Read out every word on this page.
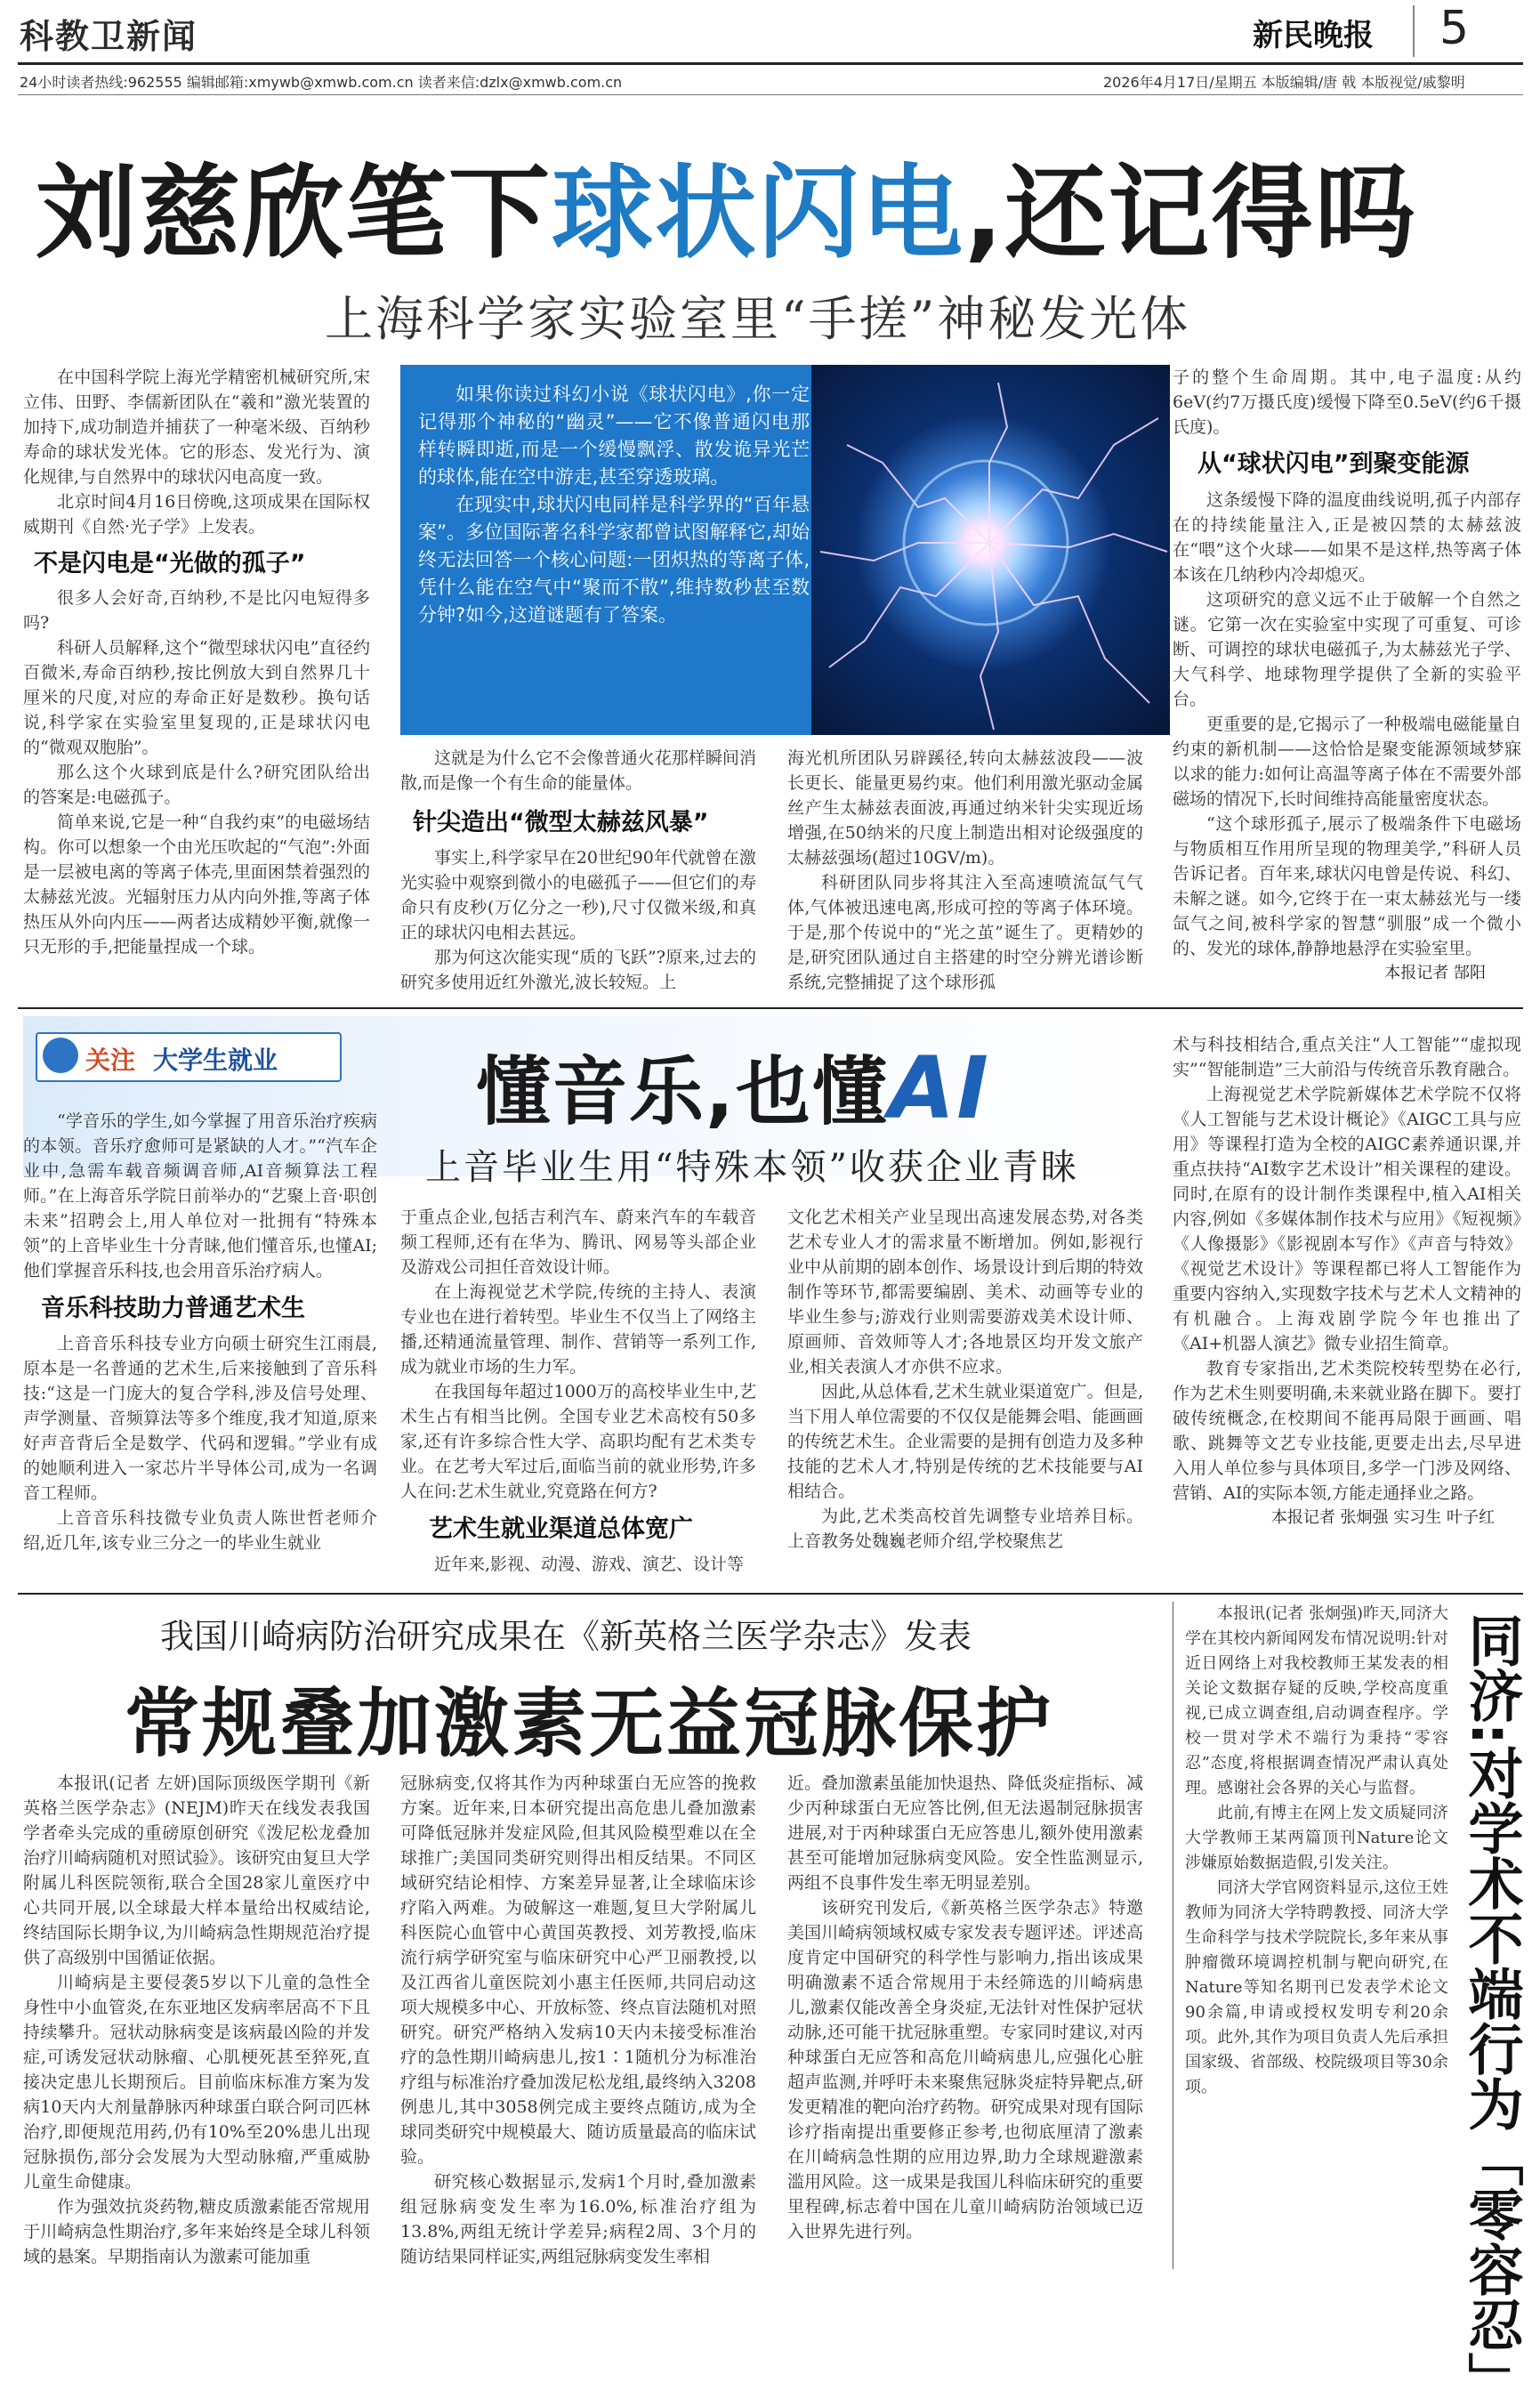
科教卫新闻	新民晚报 5
24小时读者热线:962555 编辑邮箱:xmywb@xmwb.com.cn 读者来信:dzlx@xmwb.com.cn	2026年4月17日/星期五 本版编辑/唐 戟 本版视觉/戚黎明
刘慈欣笔下球状闪电,还记得吗
上海科学家实验室里“手搓”神秘发光体

在中国科学院上海光学精密机械研究所,宋立伟、田野、李儒新团队在“羲和”激光装置的加持下,成功制造并捕获了一种毫米级、百纳秒寿命的球状发光体。它的形态、发光行为、演化规律,与自然界中的球状闪电高度一致。

北京时间4月16日傍晚,这项成果在国际权威期刊《自然·光子学》上发表。

不是闪电是“光做的孤子”

很多人会好奇,百纳秒,不是比闪电短得多吗?

科研人员解释,这个“微型球状闪电”直径约百微米,寿命百纳秒,按比例放大到自然界几十厘米的尺度,对应的寿命正好是数秒。换句话说,科学家在实验室里复现的,正是球状闪电的“微观双胞胎”。

那么这个火球到底是什么?研究团队给出的答案是:电磁孤子。

简单来说,它是一种“自我约束”的电磁场结构。你可以想象一个由光压吹起的“气泡”:外面是一层被电离的等离子体壳,里面困禁着强烈的太赫兹光波。光辐射压力从内向外推,等离子体热压从外向内压——两者达成精妙平衡,就像一只无形的手,把能量捏成一个球。

如果你读过科幻小说《球状闪电》,你一定记得那个神秘的“幽灵”——它不像普通闪电那样转瞬即逝,而是一个缓慢飘浮、散发诡异光芒的球体,能在空中游走,甚至穿透玻璃。

在现实中,球状闪电同样是科学界的“百年悬案”。多位国际著名科学家都曾试图解释它,却始终无法回答一个核心问题:一团炽热的等离子体,凭什么能在空气中“聚而不散”,维持数秒甚至数分钟?如今,这道谜题有了答案。

这就是为什么它不会像普通火花那样瞬间消散,而是像一个有生命的能量体。

针尖造出“微型太赫兹风暴”

事实上,科学家早在20世纪90年代就曾在激光实验中观察到微小的电磁孤子——但它们的寿命只有皮秒(万亿分之一秒),尺寸仅微米级,和真正的球状闪电相去甚远。

那为何这次能实现“质的飞跃”?原来,过去的研究多使用近红外激光,波长较短。上

海光机所团队另辟蹊径,转向太赫兹波段——波长更长、能量更易约束。他们利用激光驱动金属丝产生太赫兹表面波,再通过纳米针尖实现近场增强,在50纳米的尺度上制造出相对论级强度的太赫兹强场(超过10GV/m)。

科研团队同步将其注入至高速喷流氙气气体,气体被迅速电离,形成可控的等离子体环境。于是,那个传说中的“光之茧”诞生了。更精妙的是,研究团队通过自主搭建的时空分辨光谱诊断系统,完整捕捉了这个球形孤

子的整个生命周期。其中,电子温度:从约6eV(约7万摄氏度)缓慢下降至0.5eV(约6千摄氏度)。

从“球状闪电”到聚变能源

这条缓慢下降的温度曲线说明,孤子内部存在的持续能量注入,正是被囚禁的太赫兹波在“喂”这个火球——如果不是这样,热等离子体本该在几纳秒内冷却熄灭。

这项研究的意义远不止于破解一个自然之谜。它第一次在实验室中实现了可重复、可诊断、可调控的球状电磁孤子,为太赫兹光子学、大气科学、地球物理学提供了全新的实验平台。

更重要的是,它揭示了一种极端电磁能量自约束的新机制——这恰恰是聚变能源领域梦寐以求的能力:如何让高温等离子体在不需要外部磁场的情况下,长时间维持高能量密度状态。

“这个球形孤子,展示了极端条件下电磁场与物质相互作用所呈现的物理美学,”科研人员告诉记者。百年来,球状闪电曾是传说、科幻、未解之谜。如今,它终于在一束太赫兹光与一缕氙气之间,被科学家的智慧“驯服”成一个微小的、发光的球体,静静地悬浮在实验室里。

本报记者 郜阳
关注 大学生就业	懂音乐,也懂AI
上音毕业生用“特殊本领”收获企业青睐

“学音乐的学生,如今掌握了用音乐治疗疾病的本领。音乐疗愈师可是紧缺的人才。”“汽车企业中,急需车载音频调音师,AI音频算法工程师。”在上海音乐学院日前举办的“艺聚上音·职创未来”招聘会上,用人单位对一批拥有“特殊本领”的上音毕业生十分青睐,他们懂音乐,也懂AI;他们掌握音乐科技,也会用音乐治疗病人。

音乐科技助力普通艺术生

上音音乐科技专业方向硕士研究生江雨晨,原本是一名普通的艺术生,后来接触到了音乐科技:“这是一门庞大的复合学科,涉及信号处理、声学测量、音频算法等多个维度,我才知道,原来好声音背后全是数学、代码和逻辑。”学业有成的她顺利进入一家芯片半导体公司,成为一名调音工程师。

上音音乐科技微专业负责人陈世哲老师介绍,近几年,该专业三分之一的毕业生就业

于重点企业,包括吉利汽车、蔚来汽车的车载音频工程师,还有在华为、腾讯、网易等头部企业及游戏公司担任音效设计师。

在上海视觉艺术学院,传统的主持人、表演专业也在进行着转型。毕业生不仅当上了网络主播,还精通流量管理、制作、营销等一系列工作,成为就业市场的生力军。

在我国每年超过1000万的高校毕业生中,艺术生占有相当比例。全国专业艺术高校有50多家,还有许多综合性大学、高职均配有艺术类专业。在艺考大军过后,面临当前的就业形势,许多人在问:艺术生就业,究竟路在何方?

艺术生就业渠道总体宽广

近年来,影视、动漫、游戏、演艺、设计等

文化艺术相关产业呈现出高速发展态势,对各类艺术专业人才的需求量不断增加。例如,影视行业中从前期的剧本创作、场景设计到后期的特效制作等环节,都需要编剧、美术、动画等专业的毕业生参与;游戏行业则需要游戏美术设计师、原画师、音效师等人才;各地景区均开发文旅产业,相关表演人才亦供不应求。

因此,从总体看,艺术生就业渠道宽广。但是,当下用人单位需要的不仅仅是能舞会唱、能画画的传统艺术生。企业需要的是拥有创造力及多种技能的艺术人才,特别是传统的艺术技能要与AI相结合。

为此,艺术类高校首先调整专业培养目标。上音教务处魏巍老师介绍,学校聚焦艺

术与科技相结合,重点关注“人工智能”“虚拟现实”“智能制造”三大前沿与传统音乐教育融合。

上海视觉艺术学院新媒体艺术学院不仅将《人工智能与艺术设计概论》《AIGC工具与应用》等课程打造为全校的AIGC素养通识课,并重点扶持“AI数字艺术设计”相关课程的建设。同时,在原有的设计制作类课程中,植入AI相关内容,例如《多媒体制作技术与应用》《短视频》《人像摄影》《影视剧本写作》《声音与特效》《视觉艺术设计》等课程都已将人工智能作为重要内容纳入,实现数字技术与艺术人文精神的有机融合。上海戏剧学院今年也推出了《AI+机器人演艺》微专业招生简章。

教育专家指出,艺术类院校转型势在必行,作为艺术生则要明确,未来就业路在脚下。要打破传统概念,在校期间不能再局限于画画、唱歌、跳舞等文艺专业技能,更要走出去,尽早进入用人单位参与具体项目,多学一门涉及网络、营销、AI的实际本领,方能走通择业之路。

本报记者 张炯强 实习生 叶子红
我国川崎病防治研究成果在《新英格兰医学杂志》发表
常规叠加激素无益冠脉保护

本报讯(记者 左妍)国际顶级医学期刊《新英格兰医学杂志》(NEJM)昨天在线发表我国学者牵头完成的重磅原创研究《泼尼松龙叠加治疗川崎病随机对照试验》。该研究由复旦大学附属儿科医院领衔,联合全国28家儿童医疗中心共同开展,以全球最大样本量给出权威结论,终结国际长期争议,为川崎病急性期规范治疗提供了高级别中国循证依据。

川崎病是主要侵袭5岁以下儿童的急性全身性中小血管炎,在东亚地区发病率居高不下且持续攀升。冠状动脉病变是该病最凶险的并发症,可诱发冠状动脉瘤、心肌梗死甚至猝死,直接决定患儿长期预后。目前临床标准方案为发病10天内大剂量静脉丙种球蛋白联合阿司匹林治疗,即便规范用药,仍有10%至20%患儿出现冠脉损伤,部分会发展为大型动脉瘤,严重威胁儿童生命健康。

作为强效抗炎药物,糖皮质激素能否常规用于川崎病急性期治疗,多年来始终是全球儿科领域的悬案。早期指南认为激素可能加重

冠脉病变,仅将其作为丙种球蛋白无应答的挽救方案。近年来,日本研究提出高危患儿叠加激素可降低冠脉并发症风险,但其风险模型难以在全球推广;美国同类研究则得出相反结果。不同区域研究结论相悖、方案差异显著,让全球临床诊疗陷入两难。为破解这一难题,复旦大学附属儿科医院心血管中心黄国英教授、刘芳教授,临床流行病学研究室与临床研究中心严卫丽教授,以及江西省儿童医院刘小惠主任医师,共同启动这项大规模多中心、开放标签、终点盲法随机对照研究。研究严格纳入发病10天内未接受标准治疗的急性期川崎病患儿,按1∶1随机分为标准治疗组与标准治疗叠加泼尼松龙组,最终纳入3208例患儿,其中3058例完成主要终点随访,成为全球同类研究中规模最大、随访质量最高的临床试验。

研究核心数据显示,发病1个月时,叠加激素组冠脉病变发生率为16.0%,标准治疗组为13.8%,两组无统计学差异;病程2周、3个月的随访结果同样证实,两组冠脉病变发生率相

近。叠加激素虽能加快退热、降低炎症指标、减少丙种球蛋白无应答比例,但无法遏制冠脉损害进展,对于丙种球蛋白无应答患儿,额外使用激素甚至可能增加冠脉病变风险。安全性监测显示,两组不良事件发生率无明显差别。

该研究刊发后,《新英格兰医学杂志》特邀美国川崎病领域权威专家发表专题评述。评述高度肯定中国研究的科学性与影响力,指出该成果明确激素不适合常规用于未经筛选的川崎病患儿,激素仅能改善全身炎症,无法针对性保护冠状动脉,还可能干扰冠脉重塑。专家同时建议,对丙种球蛋白无应答和高危川崎病患儿,应强化心脏超声监测,并呼吁未来聚焦冠脉炎症特异靶点,研发更精准的靶向治疗药物。研究成果对现有国际诊疗指南提出重要修正参考,也彻底厘清了激素在川崎病急性期的应用边界,助力全球规避激素滥用风险。这一成果是我国儿科临床研究的重要里程碑,标志着中国在儿童川崎病防治领域已迈入世界先进行列。

本报讯(记者 张炯强)昨天,同济大学在其校内新闻网发布情况说明:针对近日网络上对我校教师王某发表的相关论文数据存疑的反映,学校高度重视,已成立调查组,启动调查程序。学校一贯对学术不端行为秉持“零容忍”态度,将根据调查情况严肃认真处理。感谢社会各界的关心与监督。

此前,有博主在网上发文质疑同济大学教师王某两篇顶刊Nature论文涉嫌原始数据造假,引发关注。

同济大学官网资料显示,这位王姓教师为同济大学特聘教授、同济大学生命科学与技术学院院长,多年来从事肿瘤微环境调控机制与靶向研究,在Nature等知名期刊已发表学术论文90余篇,申请或授权发明专利20余项。此外,其作为项目负责人先后承担国家级、省部级、校院级项目等30余项。	同济:对学术不端行为「零容忍」
